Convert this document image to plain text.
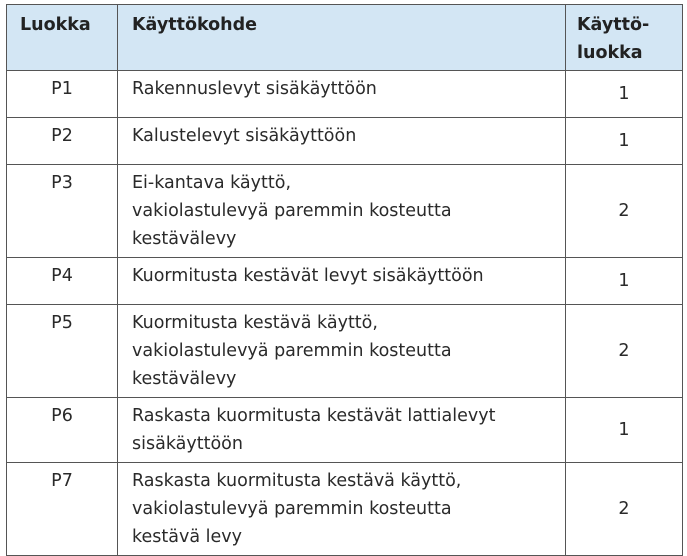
Luokka	Käyttökohde	Käyttö-
luokka
P1	Rakennuslevyt sisäkäyttöön	1
P2	Kalustelevyt sisäkäyttöön	1
P3	Ei-kantava käyttö,
vakiolastulevyä paremmin kosteutta
kestävälevy	2
P4	Kuormitusta kestävät levyt sisäkäyttöön	1
P5	Kuormitusta kestävä käyttö,
vakiolastulevyä paremmin kosteutta
kestävälevy	2
P6	Raskasta kuormitusta kestävät lattialevyt
sisäkäyttöön	1
P7	Raskasta kuormitusta kestävä käyttö,
vakiolastulevyä paremmin kosteutta
kestävä levy	2
